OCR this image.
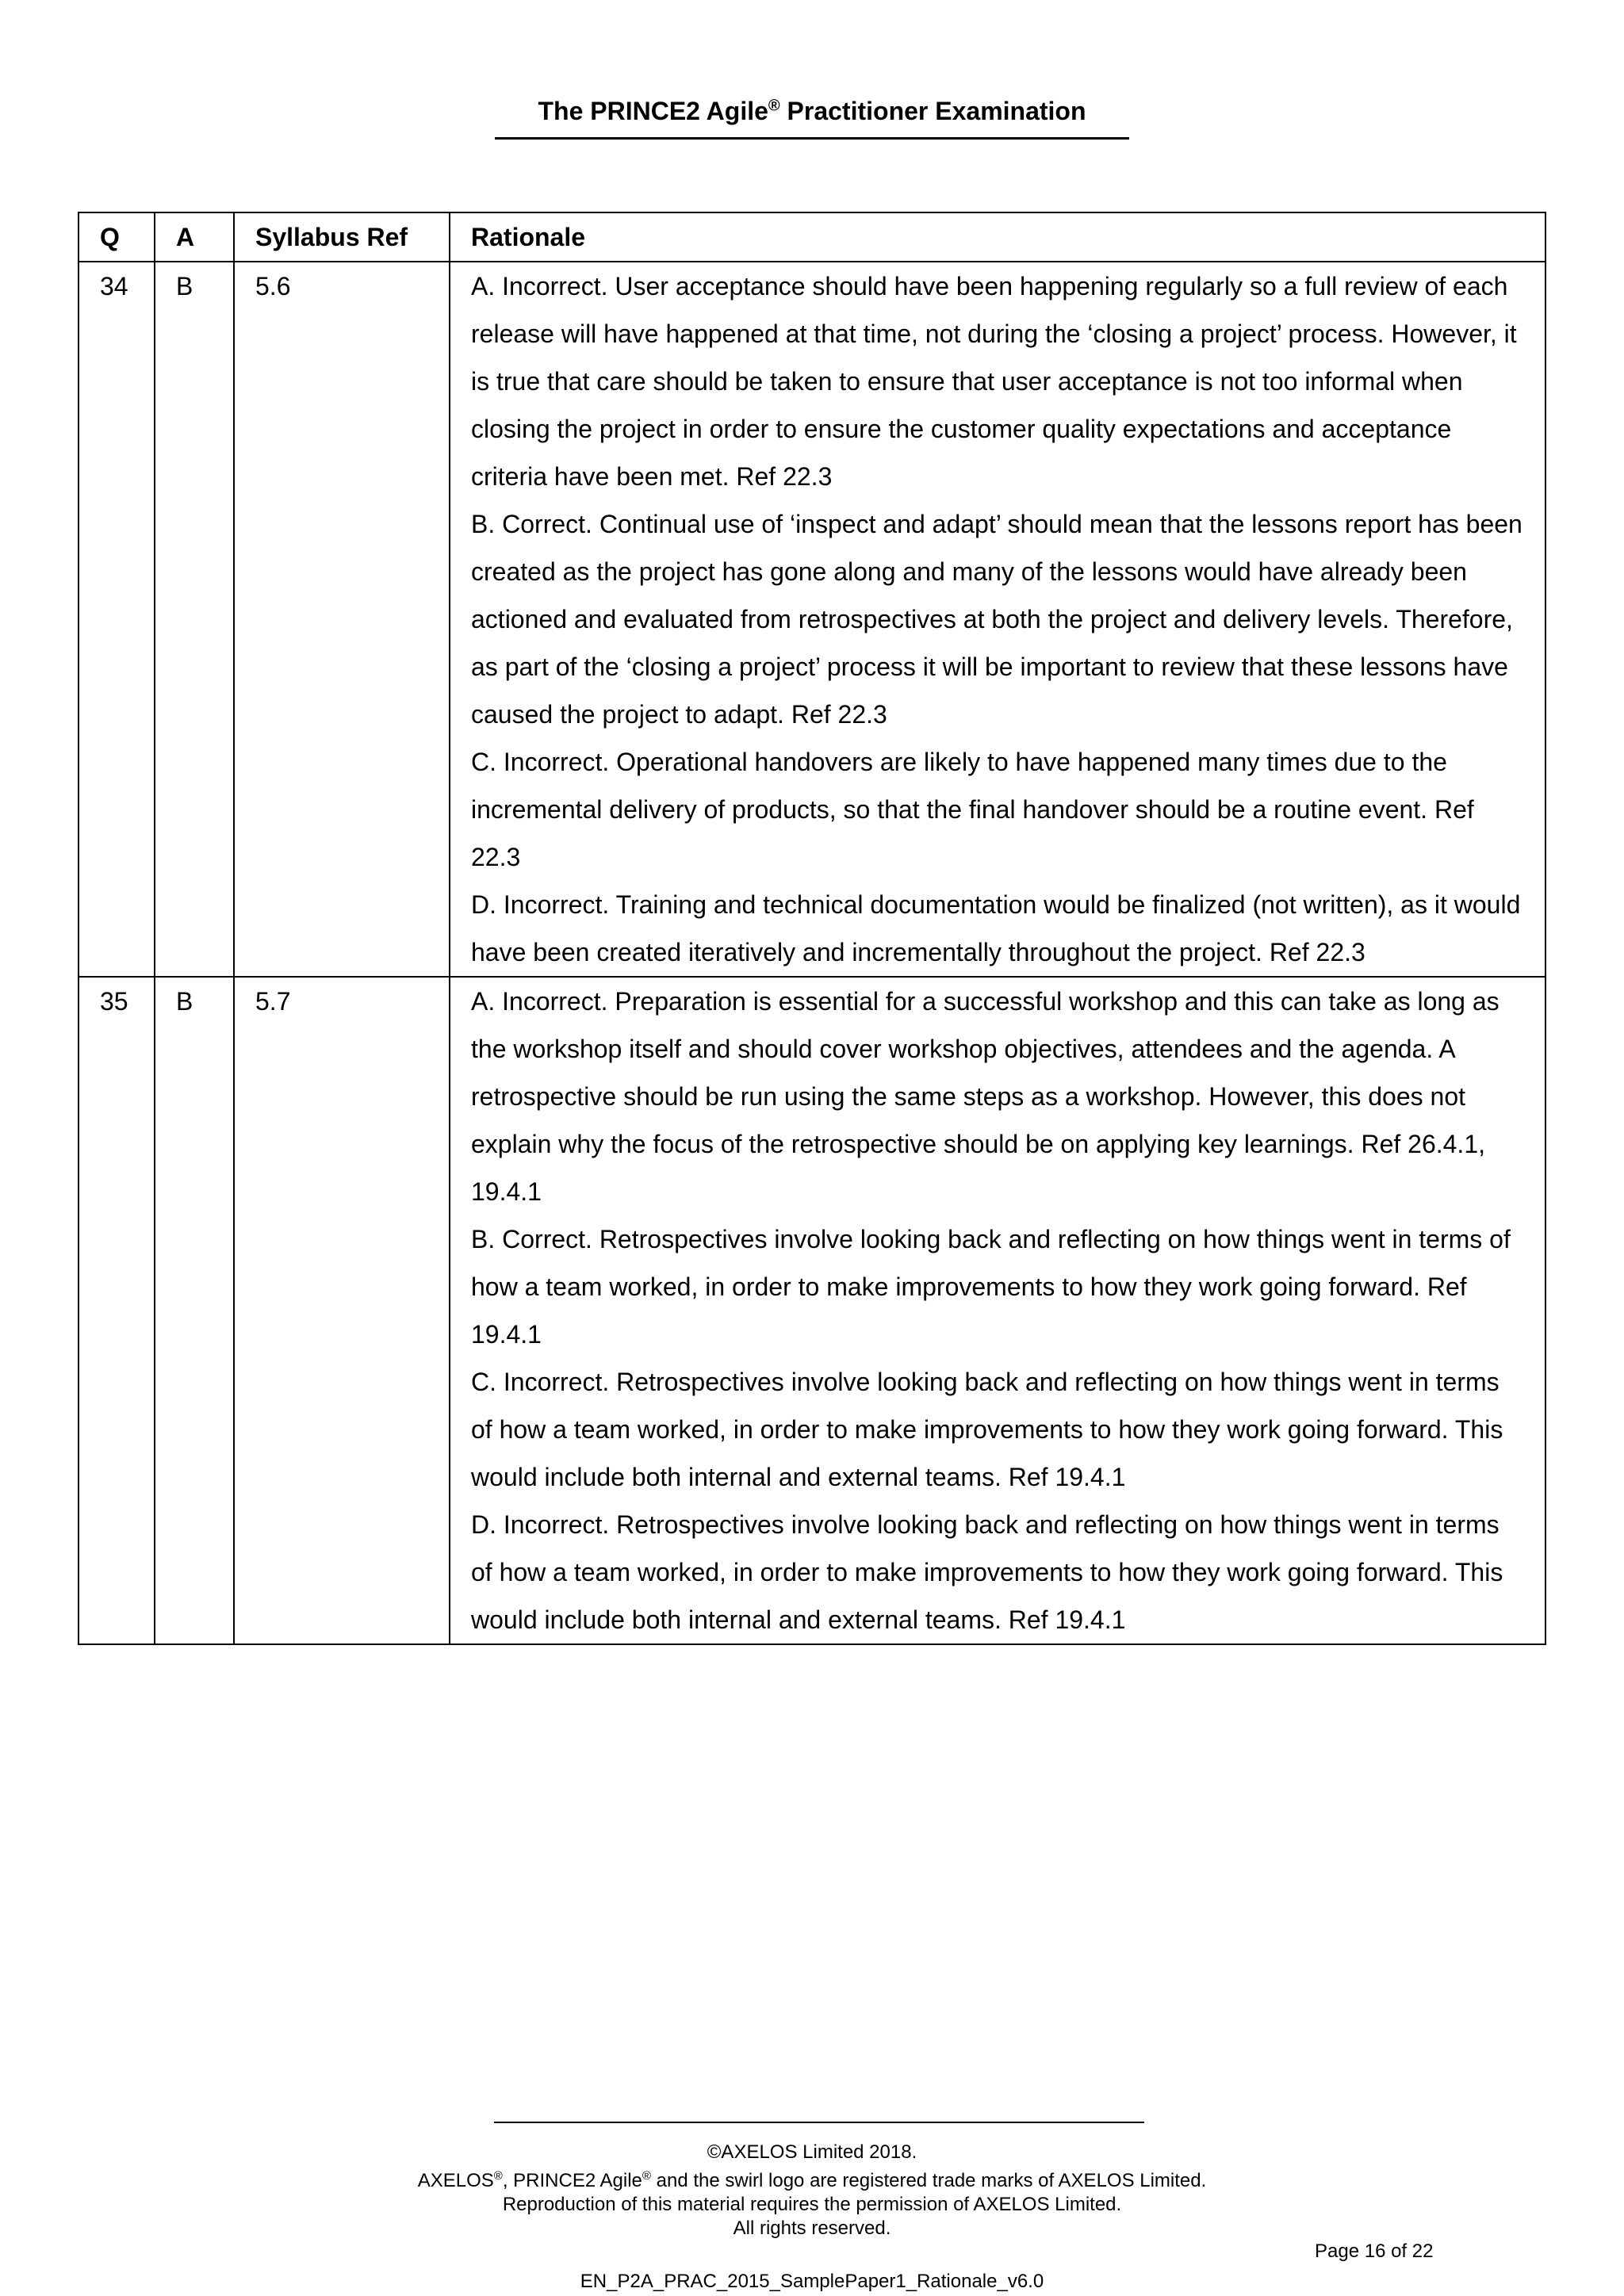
The PRINCE2 Agile® Practitioner Examination
Q	A	Syllabus Ref	Rationale
34	B	5.6	A. Incorrect. User acceptance should have been happening regularly so a full review of each release will have happened at that time, not during the ‘closing a project’ process. However, it is true that care should be taken to ensure that user acceptance is not too informal when closing the project in order to ensure the customer quality expectations and acceptance criteria have been met. Ref 22.3

B. Correct. Continual use of ‘inspect and adapt’ should mean that the lessons report has been created as the project has gone along and many of the lessons would have already been actioned and evaluated from retrospectives at both the project and delivery levels. Therefore, as part of the ‘closing a project’ process it will be important to review that these lessons have caused the project to adapt. Ref 22.3

C. Incorrect. Operational handovers are likely to have happened many times due to the incremental delivery of products, so that the final handover should be a routine event. Ref 22.3

D. Incorrect. Training and technical documentation would be finalized (not written), as it would have been created iteratively and incrementally throughout the project. Ref 22.3

35	B	5.7	A. Incorrect. Preparation is essential for a successful workshop and this can take as long as the workshop itself and should cover workshop objectives, attendees and the agenda. A retrospective should be run using the same steps as a workshop. However, this does not explain why the focus of the retrospective should be on applying key learnings. Ref 26.4.1, 19.4.1

B. Correct. Retrospectives involve looking back and reflecting on how things went in terms of how a team worked, in order to make improvements to how they work going forward. Ref 19.4.1

C. Incorrect. Retrospectives involve looking back and reflecting on how things went in terms of how a team worked, in order to make improvements to how they work going forward. This would include both internal and external teams. Ref 19.4.1

D. Incorrect. Retrospectives involve looking back and reflecting on how things went in terms of how a team worked, in order to make improvements to how they work going forward. This would include both internal and external teams. Ref 19.4.1

©AXELOS Limited 2018.

AXELOS®, PRINCE2 Agile® and the swirl logo are registered trade marks of AXELOS Limited.

Reproduction of this material requires the permission of AXELOS Limited.

All rights reserved.

Page 16 of 22
EN_P2A_PRAC_2015_SamplePaper1_Rationale_v6.0
